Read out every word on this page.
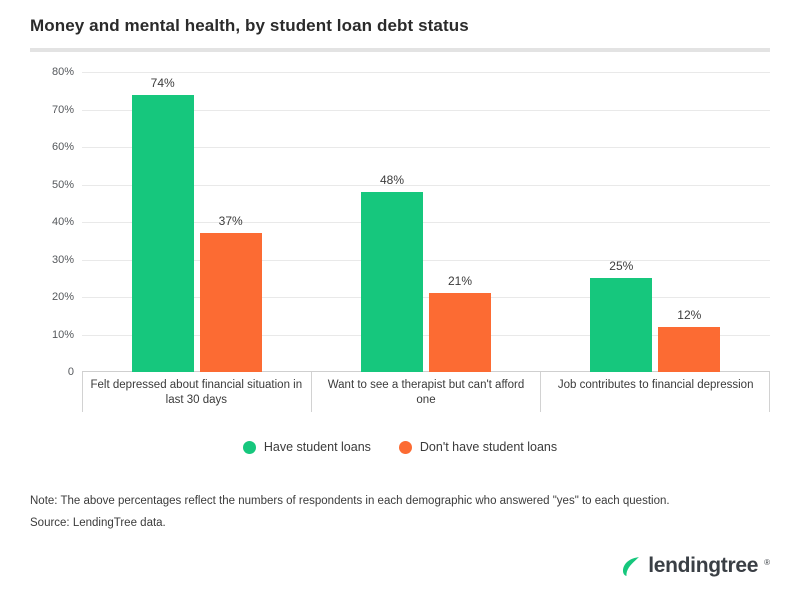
Money and mental health, by student loan debt status
0
10%
20%
30%
40%
50%
60%
70%
80%
74%
37%
48%
21%
25%
12%
Felt depressed about financial situation in last 30 days
Want to see a therapist but can't afford one
Job contributes to financial depression
Have student loans	Don't have student loans
Note: The above percentages reflect the numbers of respondents in each demographic who answered "yes" to each question.
Source: LendingTree data.
lendingtree ®
